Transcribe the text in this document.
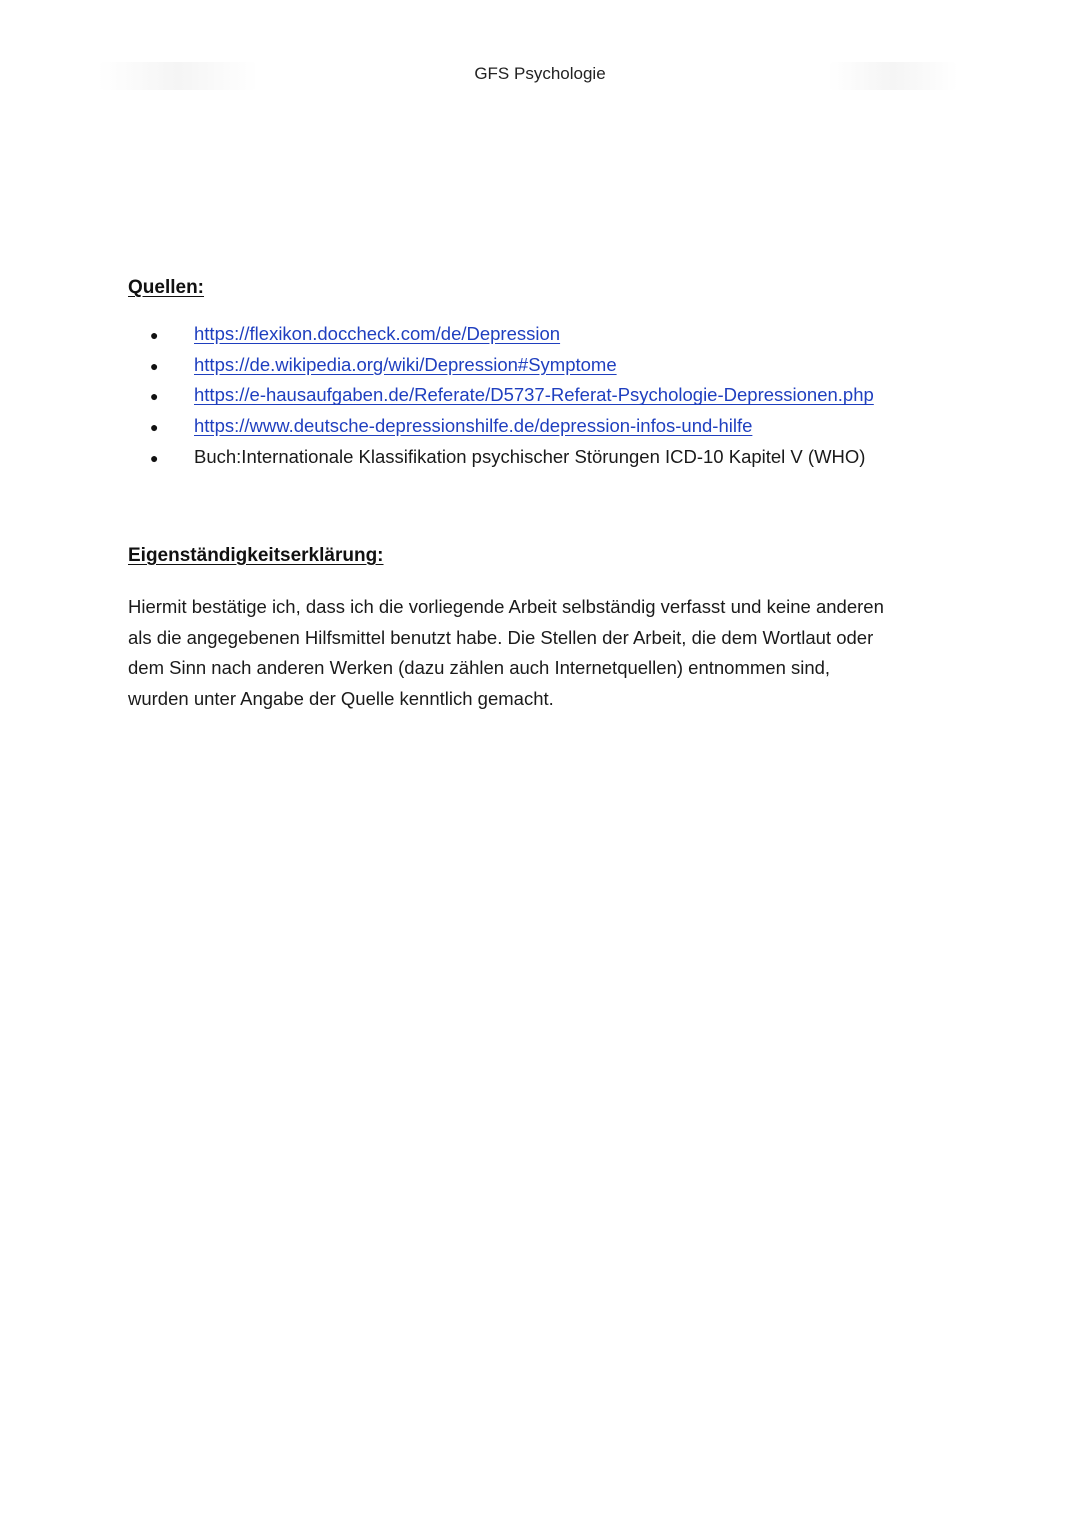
GFS Psychologie
Quellen:
●	https://flexikon.doccheck.com/de/Depression
●	https://de.wikipedia.org/wiki/Depression#Symptome
●	https://e-hausaufgaben.de/Referate/D5737-Referat-Psychologie-Depressionen.php
●	https://www.deutsche-depressionshilfe.de/depression-infos-und-hilfe
●	Buch:Internationale Klassifikation psychischer Störungen ICD-10 Kapitel V (WHO)
Eigenständigkeitserklärung:

Hiermit bestätige ich, dass ich die vorliegende Arbeit selbständig verfasst und keine anderen
als die angegebenen Hilfsmittel benutzt habe. Die Stellen der Arbeit, die dem Wortlaut oder
dem Sinn nach anderen Werken (dazu zählen auch Internetquellen) entnommen sind,
wurden unter Angabe der Quelle kenntlich gemacht.
